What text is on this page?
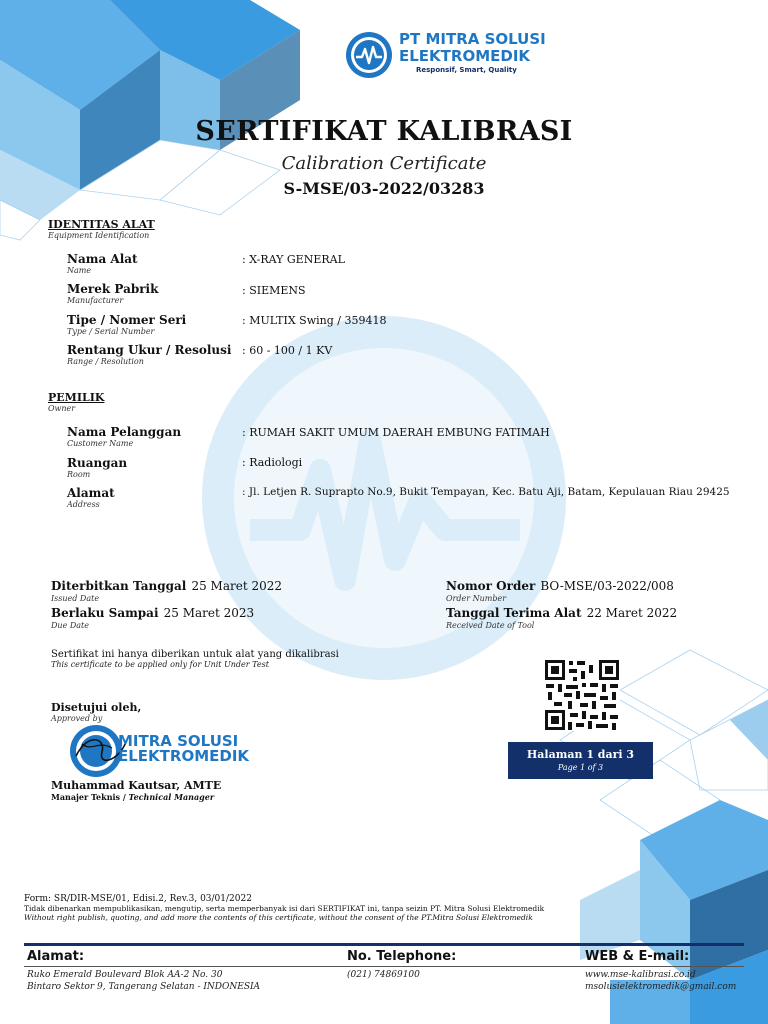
PT MITRA SOLUSI
ELEKTROMEDIK
Responsif, Smart, Quality
SERTIFIKAT KALIBRASI
Calibration Certificate
S-MSE/03-2022/03283
IDENTITAS ALAT
Equipment Identification
Nama Alat
Name
: X-RAY GENERAL
Merek Pabrik
Manufacturer
: SIEMENS
Tipe / Nomer Seri
Type / Serial Number
: MULTIX Swing / 359418
Rentang Ukur / Resolusi
Range / Resolution
: 60 - 100 / 1 KV
PEMILIK
Owner
Nama Pelanggan
Customer Name
: RUMAH SAKIT UMUM DAERAH EMBUNG FATIMAH
Ruangan
Room
: Radiologi
Alamat
Address
: Jl. Letjen R. Suprapto No.9, Bukit Tempayan, Kec. Batu Aji, Batam, Kepulauan Riau 29425
Diterbitkan Tanggal 25 Maret 2022
Issued Date
Berlaku Sampai 25 Maret 2023
Due Date
Nomor Order BO-MSE/03-2022/008
Order Number
Tanggal Terima Alat 22 Maret 2022
Received Date of Tool
Sertifikat ini hanya diberikan untuk alat yang dikalibrasi
This certificate to be applied only for Unit Under Test
Halaman 1 dari 3
Page 1 of 3
Disetujui oleh,
Approved by
MITRA SOLUSI
ELEKTROMEDIK
Muhammad Kautsar, AMTE
Manajer Teknis / Technical Manager
Form: SR/DIR-MSE/01, Edisi.2, Rev.3, 03/01/2022
Tidak dibenarkan mempublikasikan, mengutip, serta memperbanyak isi dari SERTIFIKAT ini, tanpa seizin PT. Mitra Solusi Elektromedik
Without right publish, quoting, and add more the contents of this certificate, without the consent of the PT.Mitra Solusi Elektromedik
Alamat:
Ruko Emerald Boulevard Blok AA-2 No. 30
Bintaro Sektor 9, Tangerang Selatan - INDONESIA
No. Telephone:
(021) 74869100
WEB & E-mail:
www.mse-kalibrasi.co.id
msolusielektromedik@gmail.com
